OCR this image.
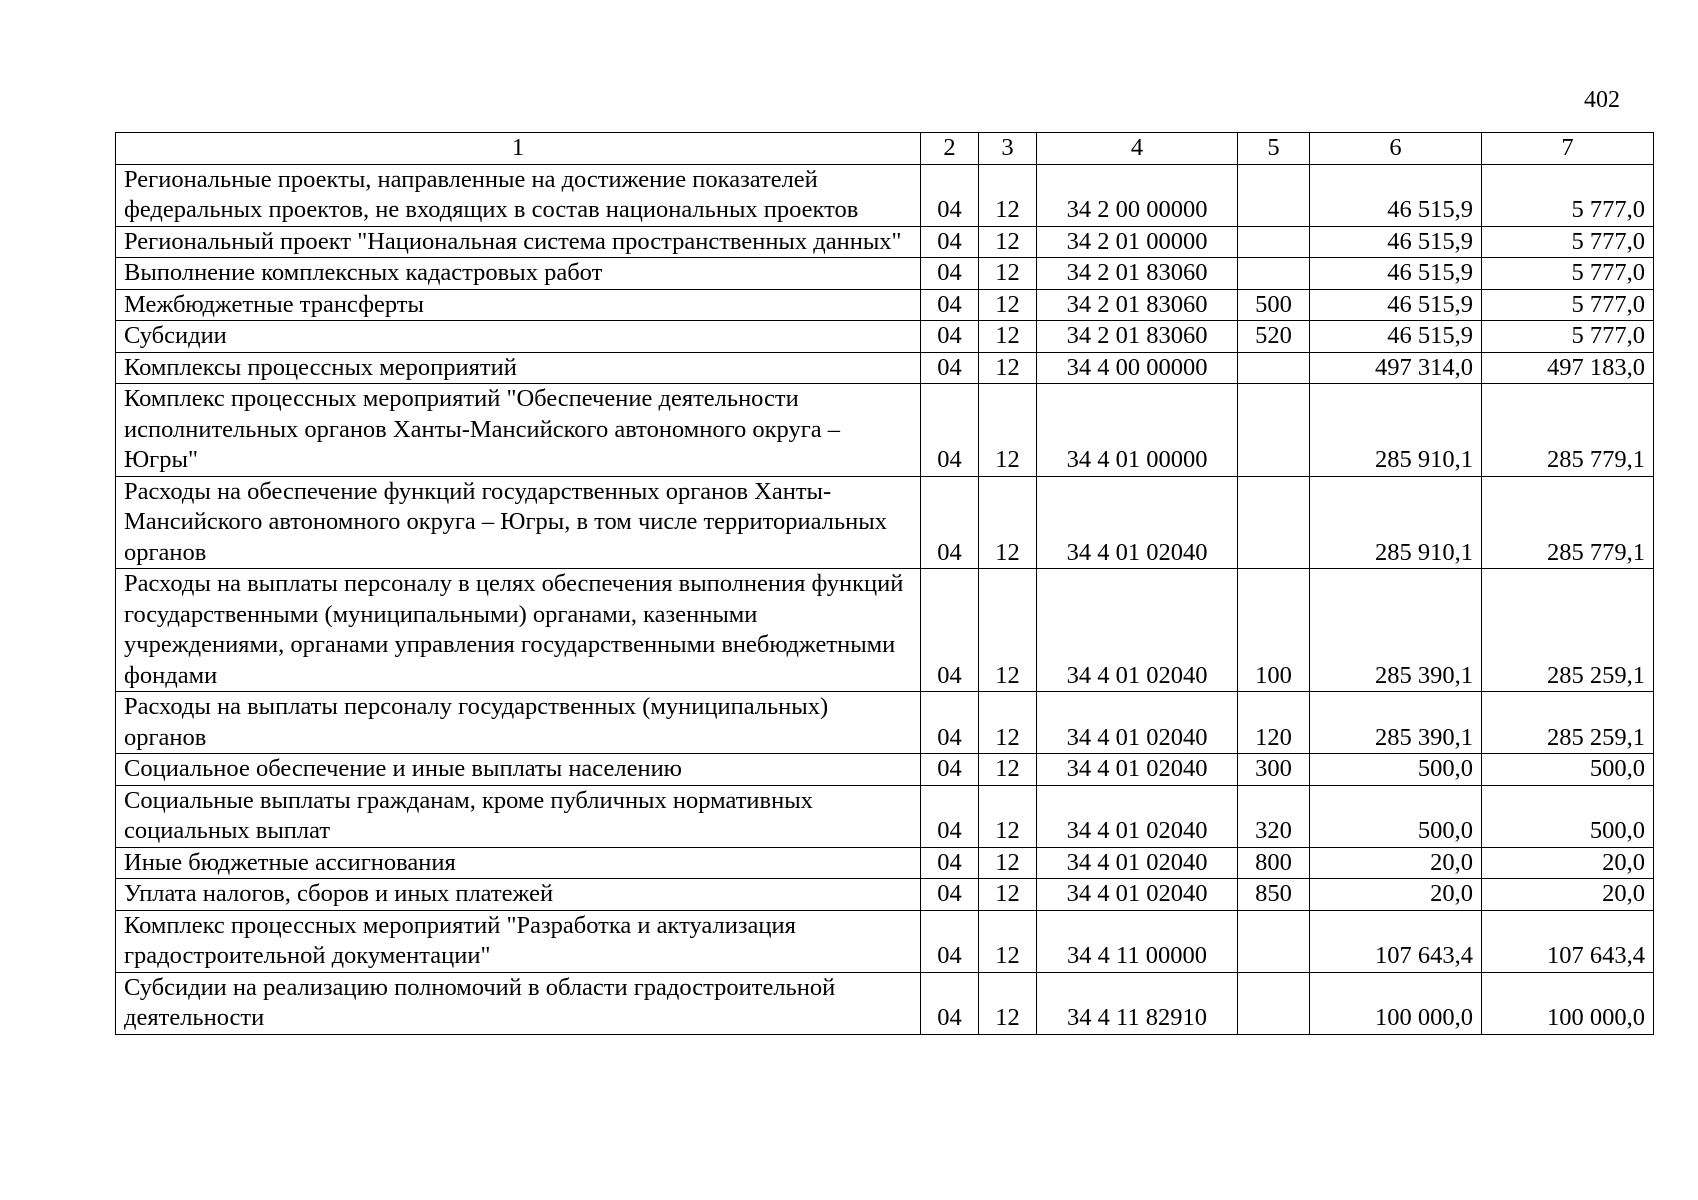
402
1	2	3	4	5	6	7
Региональные проекты, направленные на достижение показателей федеральных проектов, не входящих в состав национальных проектов	04	12	34 2 00 00000		46 515,9	5 777,0
Региональный проект "Национальная система пространственных данных"	04	12	34 2 01 00000		46 515,9	5 777,0
Выполнение комплексных кадастровых работ	04	12	34 2 01 83060		46 515,9	5 777,0
Межбюджетные трансферты	04	12	34 2 01 83060	500	46 515,9	5 777,0
Субсидии	04	12	34 2 01 83060	520	46 515,9	5 777,0
Комплексы процессных мероприятий	04	12	34 4 00 00000		497 314,0	497 183,0
Комплекс процессных мероприятий "Обеспечение деятельности исполнительных органов Ханты-Мансийского автономного округа – Югры"	04	12	34 4 01 00000		285 910,1	285 779,1
Расходы на обеспечение функций государственных органов Ханты-Мансийского автономного округа – Югры, в том числе территориальных органов	04	12	34 4 01 02040		285 910,1	285 779,1
Расходы на выплаты персоналу в целях обеспечения выполнения функций государственными (муниципальными) органами, казенными учреждениями, органами управления государственными внебюджетными фондами	04	12	34 4 01 02040	100	285 390,1	285 259,1
Расходы на выплаты персоналу государственных (муниципальных) органов	04	12	34 4 01 02040	120	285 390,1	285 259,1
Социальное обеспечение и иные выплаты населению	04	12	34 4 01 02040	300	500,0	500,0
Социальные выплаты гражданам, кроме публичных нормативных социальных выплат	04	12	34 4 01 02040	320	500,0	500,0
Иные бюджетные ассигнования	04	12	34 4 01 02040	800	20,0	20,0
Уплата налогов, сборов и иных платежей	04	12	34 4 01 02040	850	20,0	20,0
Комплекс процессных мероприятий "Разработка и актуализация градостроительной документации"	04	12	34 4 11 00000		107 643,4	107 643,4
Субсидии на реализацию полномочий в области градостроительной деятельности	04	12	34 4 11 82910		100 000,0	100 000,0
